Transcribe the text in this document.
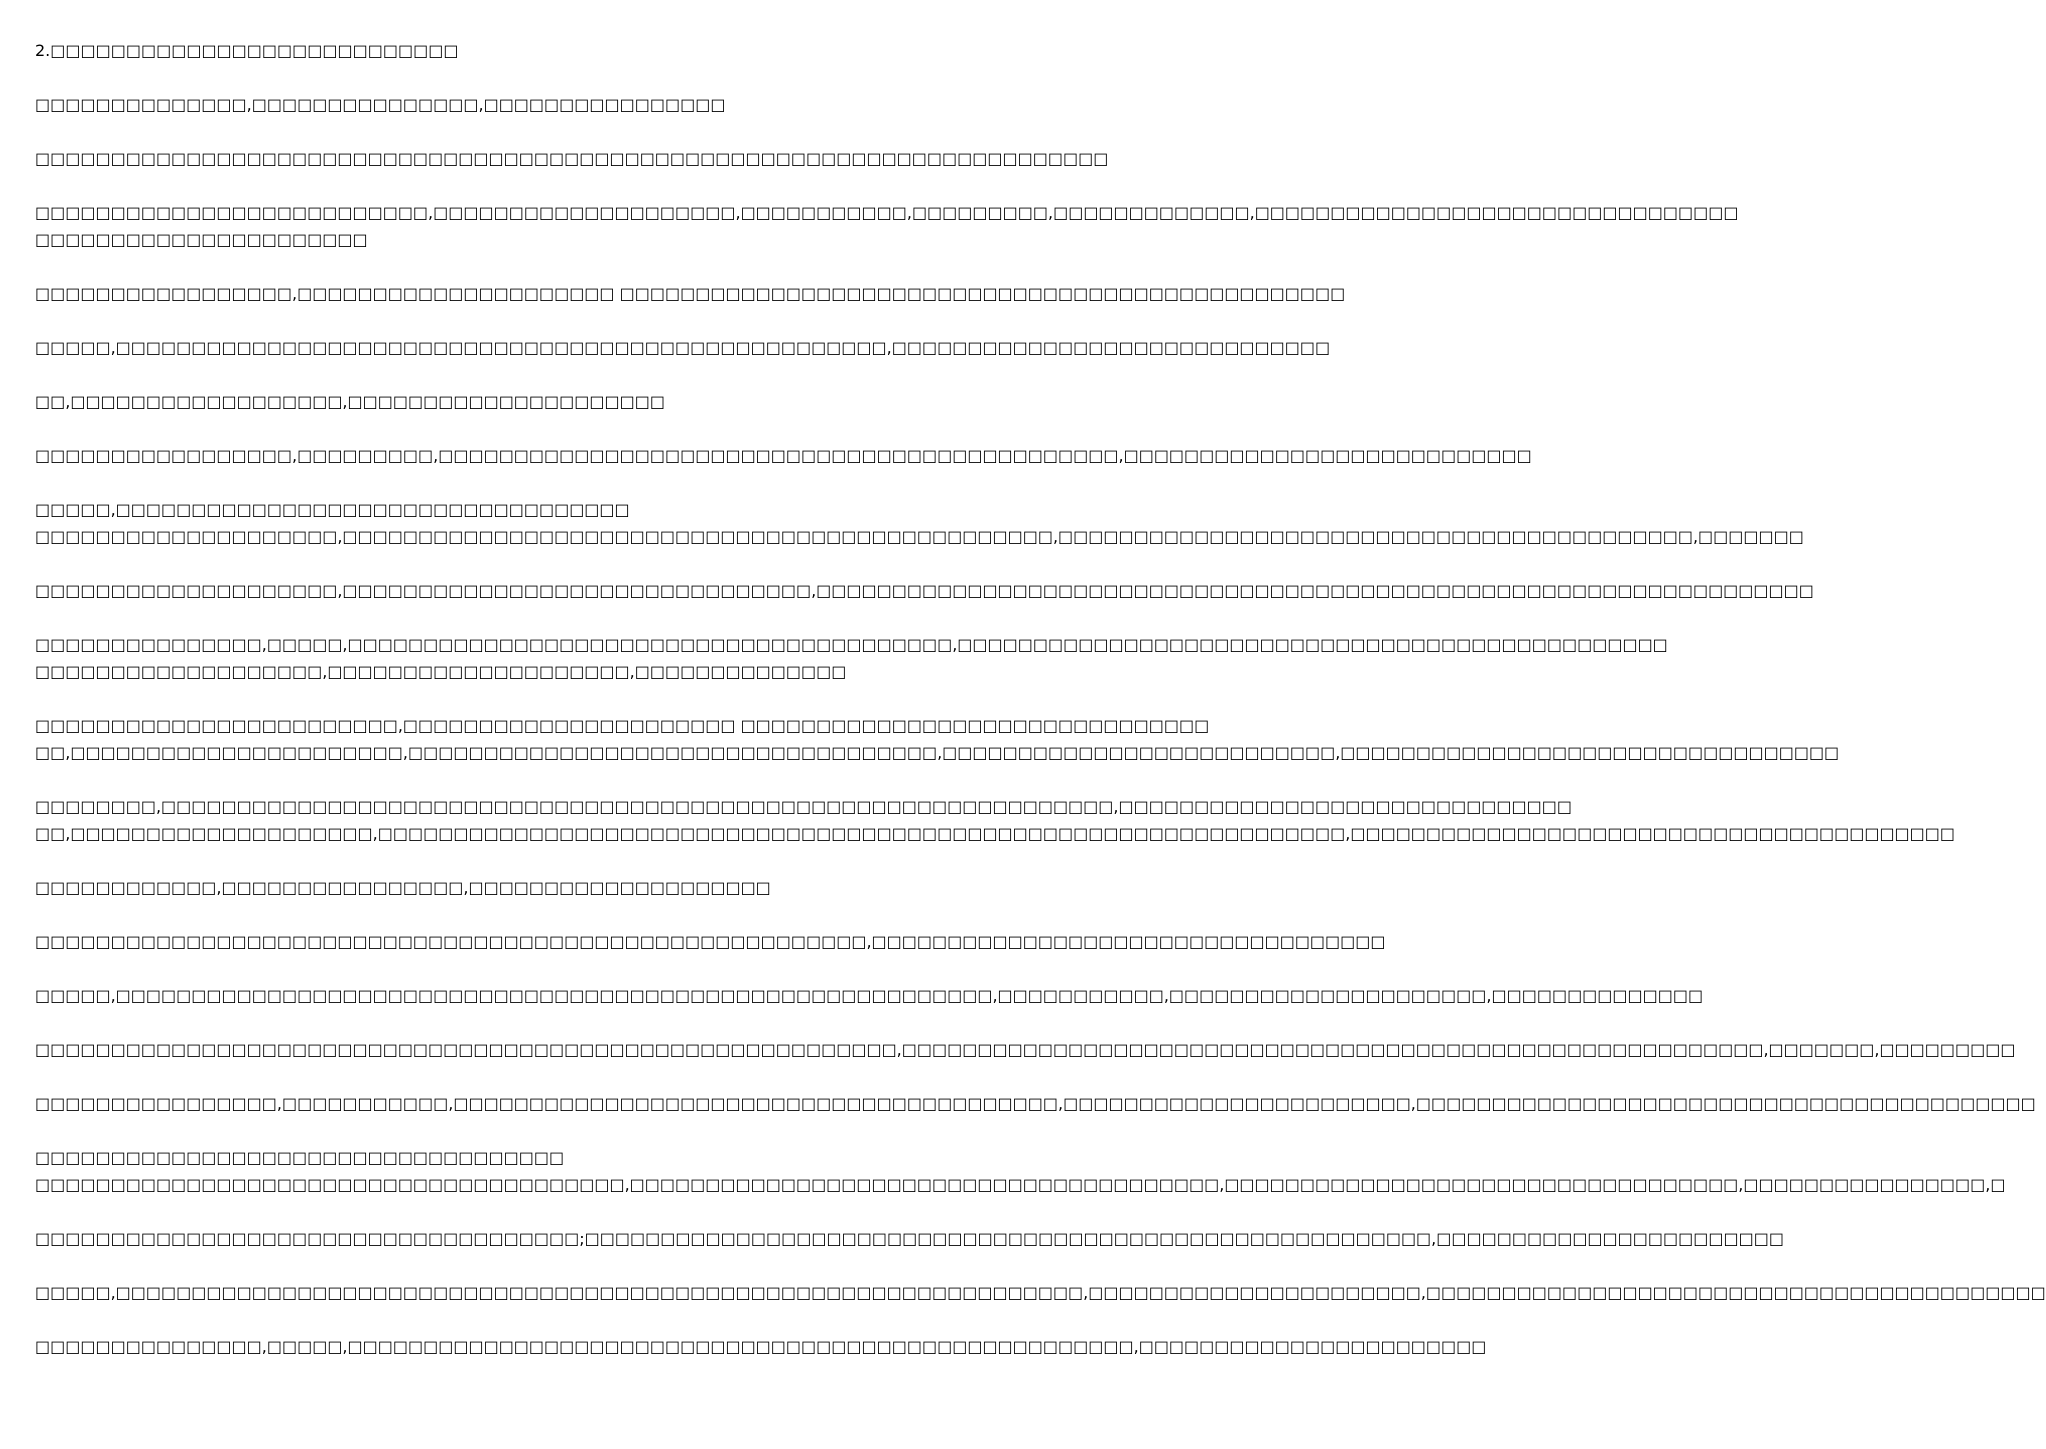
2.□□□□□□□□□□□□□□□□□□□□□□□□□□□
□□□□□□□□□□□□□□,□□□□□□□□□□□□□□□,□□□□□□□□□□□□□□□□
□□□□□□□□□□□□□□□□□□□□□□□□□□□□□□□□□□□□□□□□□□□□□□□□□□□□□□□□□□□□□□□□□□□□□□□
□□□□□□□□□□□□□□□□□□□□□□□□□□,□□□□□□□□□□□□□□□□□□□□,□□□□□□□□□□□,□□□□□□□□□,□□□□□□□□□□□□□,□□□□□□□□□□□□□□□□□□□□□□□□□□□□□□□□
□□□□□□□□□□□□□□□□□□□□□□
□□□□□□□□□□□□□□□□□,□□□□□□□□□□□□□□□□□□□□□ □□□□□□□□□□□□□□□□□□□□□□□□□□□□□□□□□□□□□□□□□□□□□□□□
□□□□□,□□□□□□□□□□□□□□□□□□□□□□□□□□□□□□□□□□□□□□□□□□□□□□□□□□□,□□□□□□□□□□□□□□□□□□□□□□□□□□□□□
□□,□□□□□□□□□□□□□□□□□□,□□□□□□□□□□□□□□□□□□□□□
□□□□□□□□□□□□□□□□□,□□□□□□□□□,□□□□□□□□□□□□□□□□□□□□□□□□□□□□□□□□□□□□□□□□□□□□□,□□□□□□□□□□□□□□□□□□□□□□□□□□□
□□□□□,□□□□□□□□□□□□□□□□□□□□□□□□□□□□□□□□□□
□□□□□□□□□□□□□□□□□□□□,□□□□□□□□□□□□□□□□□□□□□□□□□□□□□□□□□□□□□□□□□□□□□□□,□□□□□□□□□□□□□□□□□□□□□□□□□□□□□□□□□□□□□□□□□□,□□□□□□□
□□□□□□□□□□□□□□□□□□□□,□□□□□□□□□□□□□□□□□□□□□□□□□□□□□□□,□□□□□□□□□□□□□□□□□□□□□□□□□□□□□□□□□□□□□□□□□□□□□□□□□□□□□□□□□□□□□□□□□□
□□□□□□□□□□□□□□□,□□□□□,□□□□□□□□□□□□□□□□□□□□□□□□□□□□□□□□□□□□□□□□,□□□□□□□□□□□□□□□□□□□□□□□□□□□□□□□□□□□□□□□□□□□□□□□
□□□□□□□□□□□□□□□□□□□,□□□□□□□□□□□□□□□□□□□□,□□□□□□□□□□□□□□
□□□□□□□□□□□□□□□□□□□□□□□□,□□□□□□□□□□□□□□□□□□□□□□ □□□□□□□□□□□□□□□□□□□□□□□□□□□□□□□
□□,□□□□□□□□□□□□□□□□□□□□□□,□□□□□□□□□□□□□□□□□□□□□□□□□□□□□□□□□□□,□□□□□□□□□□□□□□□□□□□□□□□□□□,□□□□□□□□□□□□□□□□□□□□□□□□□□□□□□□□□
□□□□□□□□,□□□□□□□□□□□□□□□□□□□□□□□□□□□□□□□□□□□□□□□□□□□□□□□□□□□□□□□□□□□□□□□,□□□□□□□□□□□□□□□□□□□□□□□□□□□□□□
□□,□□□□□□□□□□□□□□□□□□□□,□□□□□□□□□□□□□□□□□□□□□□□□□□□□□□□□□□□□□□□□□□□□□□□□□□□□□□□□□□□□□□□□,□□□□□□□□□□□□□□□□□□□□□□□□□□□□□□□□□□□□□□□□
□□□□□□□□□□□□,□□□□□□□□□□□□□□□□,□□□□□□□□□□□□□□□□□□□□
□□□□□□□□□□□□□□□□□□□□□□□□□□□□□□□□□□□□□□□□□□□□□□□□□□□□□□□,□□□□□□□□□□□□□□□□□□□□□□□□□□□□□□□□□□
□□□□□,□□□□□□□□□□□□□□□□□□□□□□□□□□□□□□□□□□□□□□□□□□□□□□□□□□□□□□□□□□,□□□□□□□□□□□,□□□□□□□□□□□□□□□□□□□□□,□□□□□□□□□□□□□□
□□□□□□□□□□□□□□□□□□□□□□□□□□□□□□□□□□□□□□□□□□□□□□□□□□□□□□□□□,□□□□□□□□□□□□□□□□□□□□□□□□□□□□□□□□□□□□□□□□□□□□□□□□□□□□□□□□□,□□□□□□□,□□□□□□□□□
□□□□□□□□□□□□□□□□,□□□□□□□□□□□,□□□□□□□□□□□□□□□□□□□□□□□□□□□□□□□□□□□□□□□□,□□□□□□□□□□□□□□□□□□□□□□□,□□□□□□□□□□□□□□□□□□□□□□□□□□□□□□□□□□□□□□□□□
□□□□□□□□□□□□□□□□□□□□□□□□□□□□□□□□□□□
□□□□□□□□□□□□□□□□□□□□□□□□□□□□□□□□□□□□□□□,□□□□□□□□□□□□□□□□□□□□□□□□□□□□□□□□□□□□□□□,□□□□□□□□□□□□□□□□□□□□□□□□□□□□□□□□□□,□□□□□□□□□□□□□□□□,□
□□□□□□□□□□□□□□□□□□□□□□□□□□□□□□□□□□□□;□□□□□□□□□□□□□□□□□□□□□□□□□□□□□□□□□□□□□□□□□□□□□□□□□□□□□□□□,□□□□□□□□□□□□□□□□□□□□□□□
□□□□□,□□□□□□□□□□□□□□□□□□□□□□□□□□□□□□□□□□□□□□□□□□□□□□□□□□□□□□□□□□□□□□□□,□□□□□□□□□□□□□□□□□□□□□□,□□□□□□□□□□□□□□□□□□□□□□□□□□□□□□□□□□□□□□□□□
□□□□□□□□□□□□□□□,□□□□□,□□□□□□□□□□□□□□□□□□□□□□□□□□□□□□□□□□□□□□□□□□□□□□□□□□□□,□□□□□□□□□□□□□□□□□□□□□□□
